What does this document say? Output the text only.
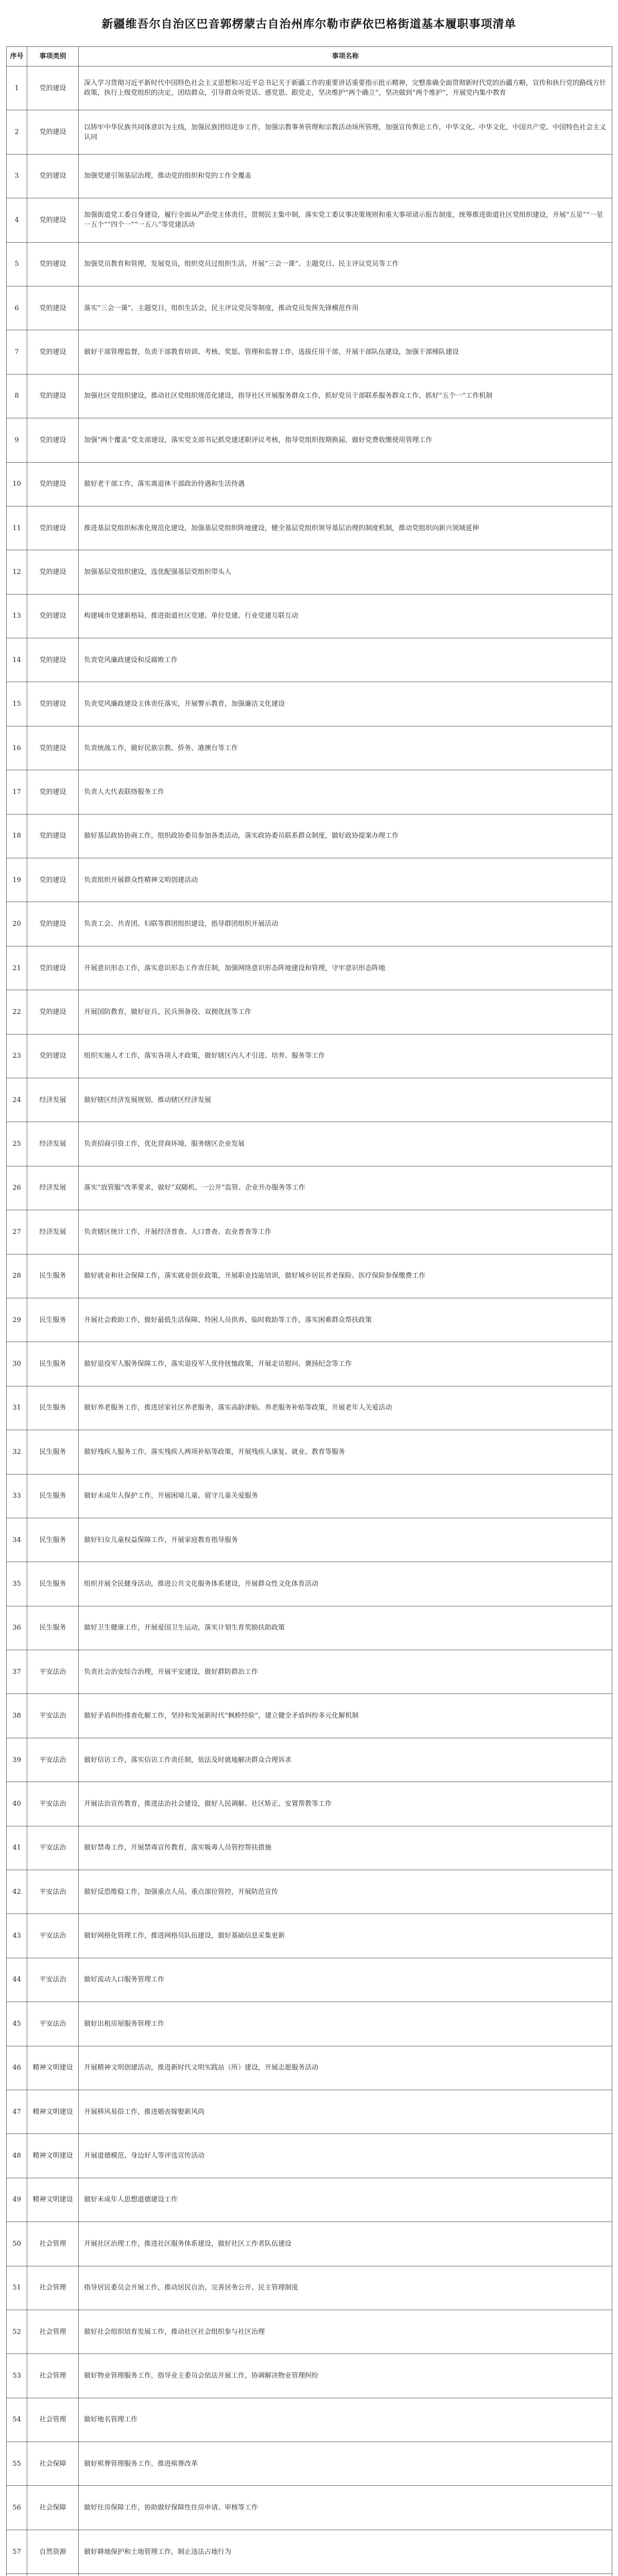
新疆维吾尔自治区巴音郭楞蒙古自治州库尔勒市萨依巴格街道基本履职事项清单
序号	事项类别	事项名称
1	党的建设	深入学习贯彻习近平新时代中国特色社会主义思想和习近平总书记关于新疆工作的重要讲话重要指示批示精神，完整准确全面贯彻新时代党的治疆方略，宣传和执行党的路线方针政策，执行上级党组织的决定，团结群众，引导群众听党话、感党恩、跟党走，坚决维护“两个确立”，坚决做到“两个维护”，开展党内集中教育
2	党的建设	以铸牢中华民族共同体意识为主线，加强民族团结进步工作，加强宗教事务管理和宗教活动场所管理，加强宣传舆论工作，中华文化、中华文化，中国共产党、中国特色社会主义认同
3	党的建设	加强党建引领基层治理，推动党的组织和党的工作全覆盖
4	党的建设	加强街道党工委自身建设，履行全面从严治党主体责任，贯彻民主集中制，落实党工委议事决策规则和重大事项请示报告制度，统筹推进街道社区党组织建设，开展“五星”“一星一五个”“四个一”“一五八”等党建活动
5	党的建设	加强党员教育和管理，发展党员，组织党员过组织生活，开展“三会一课”、主题党日、民主评议党员等工作
6	党的建设	落实“三会一课”、主题党日，组织生活会，民主评议党员等制度，推动党员发挥先锋模范作用
7	党的建设	做好干部管理监督，负责干部教育培训、考核、奖惩、管理和监督工作，选拔任用干部，开展干部队伍建设，加强干部梯队建设
8	党的建设	加强社区党组织建设，推动社区党组织规范化建设，指导社区开展服务群众工作，抓好党员干部联系服务群众工作，抓好“五个一”工作机制
9	党的建设	加强“两个覆盖”党支部建设，落实党支部书记抓党建述职评议考核，指导党组织按期换届，做好党费收缴使用管理工作
10	党的建设	做好老干部工作，落实离退休干部政治待遇和生活待遇
11	党的建设	推进基层党组织标准化规范化建设，加强基层党组织阵地建设，健全基层党组织领导基层治理的制度机制，推动党组织向新兴领域延伸
12	党的建设	加强基层党组织建设，选优配强基层党组织带头人
13	党的建设	构建城市党建新格局，推进街道社区党建、单位党建、行业党建互联互动
14	党的建设	负责党风廉政建设和反腐败工作
15	党的建设	负责党风廉政建设主体责任落实，开展警示教育，加强廉洁文化建设
16	党的建设	负责统战工作，做好民族宗教、侨务、港澳台等工作
17	党的建设	负责人大代表联络服务工作
18	党的建设	做好基层政协协商工作，组织政协委员参加各类活动，落实政协委员联系群众制度，做好政协提案办理工作
19	党的建设	负责组织开展群众性精神文明创建活动
20	党的建设	负责工会、共青团、妇联等群团组织建设，指导群团组织开展活动
21	党的建设	开展意识形态工作，落实意识形态工作责任制，加强网络意识形态阵地建设和管理，守牢意识形态阵地
22	党的建设	开展国防教育，做好征兵、民兵预备役、双拥优抚等工作
23	党的建设	组织实施人才工作，落实各项人才政策，做好辖区内人才引进、培养、服务等工作
24	经济发展	做好辖区经济发展规划，推动辖区经济发展
25	经济发展	负责招商引资工作，优化营商环境，服务辖区企业发展
26	经济发展	落实“放管服”改革要求，做好“双随机、一公开”监管、企业开办服务等工作
27	经济发展	负责辖区统计工作，开展经济普查、人口普查、农业普查等工作
28	民生服务	做好就业和社会保障工作，落实就业创业政策，开展职业技能培训，做好城乡居民养老保险、医疗保险参保缴费工作
29	民生服务	开展社会救助工作，做好最低生活保障、特困人员供养、临时救助等工作，落实困难群众帮扶政策
30	民生服务	做好退役军人服务保障工作，落实退役军人优待抚恤政策，开展走访慰问、褒扬纪念等工作
31	民生服务	做好养老服务工作，推进居家社区养老服务，落实高龄津贴、养老服务补贴等政策，开展老年人关爱活动
32	民生服务	做好残疾人服务工作，落实残疾人两项补贴等政策，开展残疾人康复、就业、教育等服务
33	民生服务	做好未成年人保护工作，开展困境儿童、留守儿童关爱服务
34	民生服务	做好妇女儿童权益保障工作，开展家庭教育指导服务
35	民生服务	组织开展全民健身活动，推进公共文化服务体系建设，开展群众性文化体育活动
36	民生服务	做好卫生健康工作，开展爱国卫生运动，落实计划生育奖励扶助政策
37	平安法治	负责社会治安综合治理，开展平安建设，做好群防群治工作
38	平安法治	做好矛盾纠纷排查化解工作，坚持和发展新时代“枫桥经验”，建立健全矛盾纠纷多元化解机制
39	平安法治	做好信访工作，落实信访工作责任制，依法及时就地解决群众合理诉求
40	平安法治	开展法治宣传教育，推进法治社会建设，做好人民调解、社区矫正、安置帮教等工作
41	平安法治	做好禁毒工作，开展禁毒宣传教育，落实吸毒人员管控帮扶措施
42	平安法治	做好反恐维稳工作，加强重点人员、重点部位管控，开展防范宣传
43	平安法治	做好网格化管理工作，推进网格员队伍建设，做好基础信息采集更新
44	平安法治	做好流动人口服务管理工作
45	平安法治	做好出租房屋服务管理工作
46	精神文明建设	开展精神文明创建活动，推进新时代文明实践站（所）建设，开展志愿服务活动
47	精神文明建设	开展移风易俗工作，推进婚丧嫁娶新风尚
48	精神文明建设	开展道德模范、身边好人等评选宣传活动
49	精神文明建设	做好未成年人思想道德建设工作
50	社会管理	开展社区治理工作，推进社区服务体系建设，做好社区工作者队伍建设
51	社会管理	指导居民委员会开展工作，推动居民自治，完善居务公开、民主管理制度
52	社会管理	做好社会组织培育发展工作，推动社区社会组织参与社区治理
53	社会管理	做好物业管理服务工作，指导业主委员会依法开展工作，协调解决物业管理纠纷
54	社会管理	做好地名管理工作
55	社会保障	做好殡葬管理服务工作，推进殡葬改革
56	社会保障	做好住房保障工作，协助做好保障性住房申请、审核等工作
57	自然资源	做好耕地保护和土地管理工作，制止违法占地行为
